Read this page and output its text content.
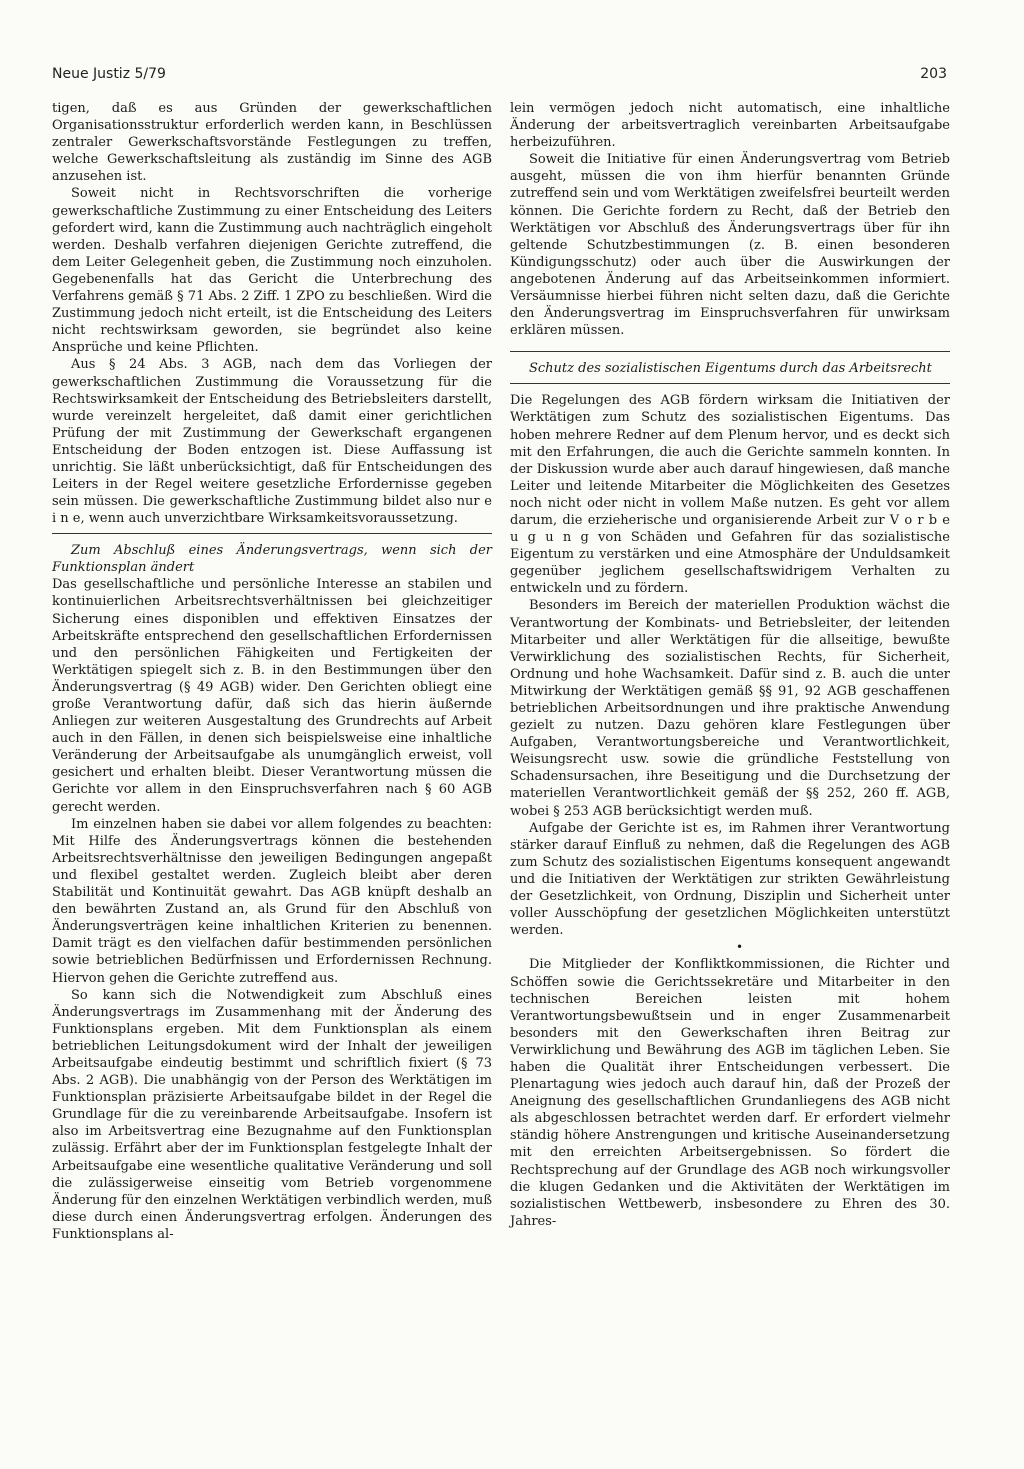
Neue Justiz 5/79	203

tigen, daß es aus Gründen der gewerkschaftlichen Organisationsstruktur erforderlich werden kann, in Beschlüssen zentraler Gewerkschaftsvorstände Festlegungen zu treffen, welche Gewerkschaftsleitung als zuständig im Sinne des AGB anzusehen ist.

Soweit nicht in Rechtsvorschriften die vorherige gewerkschaftliche Zustimmung zu einer Entscheidung des Leiters gefordert wird, kann die Zustimmung auch nachträglich eingeholt werden. Deshalb verfahren diejenigen Gerichte zutreffend, die dem Leiter Gelegenheit geben, die Zustimmung noch einzuholen. Gegebenenfalls hat das Gericht die Unterbrechung des Verfahrens gemäß § 71 Abs. 2 Ziff. 1 ZPO zu beschließen. Wird die Zustimmung jedoch nicht erteilt, ist die Entscheidung des Leiters nicht rechtswirksam geworden, sie begründet also keine Ansprüche und keine Pflichten.

Aus § 24 Abs. 3 AGB, nach dem das Vorliegen der gewerkschaftlichen Zustimmung die Voraussetzung für die Rechtswirksamkeit der Entscheidung des Betriebsleiters darstellt, wurde vereinzelt hergeleitet, daß damit einer gerichtlichen Prüfung der mit Zustimmung der Gewerkschaft ergangenen Entscheidung der Boden entzogen ist. Diese Auffassung ist unrichtig. Sie läßt unberücksichtigt, daß für Entscheidungen des Leiters in der Regel weitere gesetzliche Erfordernisse gegeben sein müssen. Die gewerkschaftliche Zustimmung bildet also nur e i n e, wenn auch unverzichtbare Wirksamkeitsvoraussetzung.

Zum Abschluß eines Änderungsvertrags, wenn sich der Funktionsplan ändert

Das gesellschaftliche und persönliche Interesse an stabilen und kontinuierlichen Arbeitsrechtsverhältnissen bei gleichzeitiger Sicherung eines disponiblen und effektiven Einsatzes der Arbeitskräfte entsprechend den gesellschaftlichen Erfordernissen und den persönlichen Fähigkeiten und Fertigkeiten der Werktätigen spiegelt sich z. B. in den Bestimmungen über den Änderungsvertrag (§ 49 AGB) wider. Den Gerichten obliegt eine große Verantwortung dafür, daß sich das hierin äußernde Anliegen zur weiteren Ausgestaltung des Grundrechts auf Arbeit auch in den Fällen, in denen sich beispielsweise eine inhaltliche Veränderung der Arbeitsaufgabe als unumgänglich erweist, voll gesichert und erhalten bleibt. Dieser Verantwortung müssen die Gerichte vor allem in den Einspruchsverfahren nach § 60 AGB gerecht werden.

Im einzelnen haben sie dabei vor allem folgendes zu beachten: Mit Hilfe des Änderungsvertrags können die bestehenden Arbeitsrechtsverhältnisse den jeweiligen Bedingungen angepaßt und flexibel gestaltet werden. Zugleich bleibt aber deren Stabilität und Kontinuität gewahrt. Das AGB knüpft deshalb an den bewährten Zustand an, als Grund für den Abschluß von Änderungsverträgen keine inhaltlichen Kriterien zu benennen. Damit trägt es den vielfachen dafür bestimmenden persönlichen sowie betrieblichen Bedürfnissen und Erfordernissen Rechnung. Hiervon gehen die Gerichte zutreffend aus.

So kann sich die Notwendigkeit zum Abschluß eines Änderungsvertrags im Zusammenhang mit der Änderung des Funktionsplans ergeben. Mit dem Funktionsplan als einem betrieblichen Leitungsdokument wird der Inhalt der jeweiligen Arbeitsaufgabe eindeutig bestimmt und schriftlich fixiert (§ 73 Abs. 2 AGB). Die unabhängig von der Person des Werktätigen im Funktionsplan präzisierte Arbeitsaufgabe bildet in der Regel die Grundlage für die zu vereinbarende Arbeitsaufgabe. Insofern ist also im Arbeitsvertrag eine Bezugnahme auf den Funktionsplan zulässig. Erfährt aber der im Funktionsplan festgelegte Inhalt der Arbeitsaufgabe eine wesentliche qualitative Veränderung und soll die zulässigerweise einseitig vom Betrieb vorgenommene Änderung für den einzelnen Werktätigen verbindlich werden, muß diese durch einen Änderungsvertrag erfolgen. Änderungen des Funktionsplans al-

lein vermögen jedoch nicht automatisch, eine inhaltliche Änderung der arbeitsvertraglich vereinbarten Arbeitsaufgabe herbeizuführen.

Soweit die Initiative für einen Änderungsvertrag vom Betrieb ausgeht, müssen die von ihm hierfür benannten Gründe zutreffend sein und vom Werktätigen zweifelsfrei beurteilt werden können. Die Gerichte fordern zu Recht, daß der Betrieb den Werktätigen vor Abschluß des Änderungsvertrags über für ihn geltende Schutzbestimmungen (z. B. einen besonderen Kündigungsschutz) oder auch über die Auswirkungen der angebotenen Änderung auf das Arbeitseinkommen informiert. Versäumnisse hierbei führen nicht selten dazu, daß die Gerichte den Änderungsvertrag im Einspruchsverfahren für unwirksam erklären müssen.

Schutz des sozialistischen Eigentums durch das Arbeitsrecht

Die Regelungen des AGB fördern wirksam die Initiativen der Werktätigen zum Schutz des sozialistischen Eigentums. Das hoben mehrere Redner auf dem Plenum hervor, und es deckt sich mit den Erfahrungen, die auch die Gerichte sammeln konnten. In der Diskussion wurde aber auch darauf hingewiesen, daß manche Leiter und leitende Mitarbeiter die Möglichkeiten des Gesetzes noch nicht oder nicht in vollem Maße nutzen. Es geht vor allem darum, die erzieherische und organisierende Arbeit zur V o r b e u g u n g von Schäden und Gefahren für das sozialistische Eigentum zu verstärken und eine Atmosphäre der Unduldsamkeit gegenüber jeglichem gesellschaftswidrigem Verhalten zu entwickeln und zu fördern.

Besonders im Bereich der materiellen Produktion wächst die Verantwortung der Kombinats- und Betriebsleiter, der leitenden Mitarbeiter und aller Werktätigen für die allseitige, bewußte Verwirklichung des sozialistischen Rechts, für Sicherheit, Ordnung und hohe Wachsamkeit. Dafür sind z. B. auch die unter Mitwirkung der Werktätigen gemäß §§ 91, 92 AGB geschaffenen betrieblichen Arbeitsordnungen und ihre praktische Anwendung gezielt zu nutzen. Dazu gehören klare Festlegungen über Aufgaben, Verantwortungsbereiche und Verantwortlichkeit, Weisungsrecht usw. sowie die gründliche Feststellung von Schadensursachen, ihre Beseitigung und die Durchsetzung der materiellen Verantwortlichkeit gemäß der §§ 252, 260 ff. AGB, wobei § 253 AGB berücksichtigt werden muß.

Aufgabe der Gerichte ist es, im Rahmen ihrer Verantwortung stärker darauf Einfluß zu nehmen, daß die Regelungen des AGB zum Schutz des sozialistischen Eigentums konsequent angewandt und die Initiativen der Werktätigen zur strikten Gewährleistung der Gesetzlichkeit, von Ordnung, Disziplin und Sicherheit unter voller Ausschöpfung der gesetzlichen Möglichkeiten unterstützt werden.

•

Die Mitglieder der Konfliktkommissionen, die Richter und Schöffen sowie die Gerichtssekretäre und Mitarbeiter in den technischen Bereichen leisten mit hohem Verantwortungsbewußtsein und in enger Zusammenarbeit besonders mit den Gewerkschaften ihren Beitrag zur Verwirklichung und Bewährung des AGB im täglichen Leben. Sie haben die Qualität ihrer Entscheidungen verbessert. Die Plenartagung wies jedoch auch darauf hin, daß der Prozeß der Aneignung des gesellschaftlichen Grundanliegens des AGB nicht als abgeschlossen betrachtet werden darf. Er erfordert vielmehr ständig höhere Anstrengungen und kritische Auseinandersetzung mit den erreichten Arbeitsergebnissen. So fördert die Rechtsprechung auf der Grundlage des AGB noch wirkungsvoller die klugen Gedanken und die Aktivitäten der Werktätigen im sozialistischen Wettbewerb, insbesondere zu Ehren des 30. Jahres-
